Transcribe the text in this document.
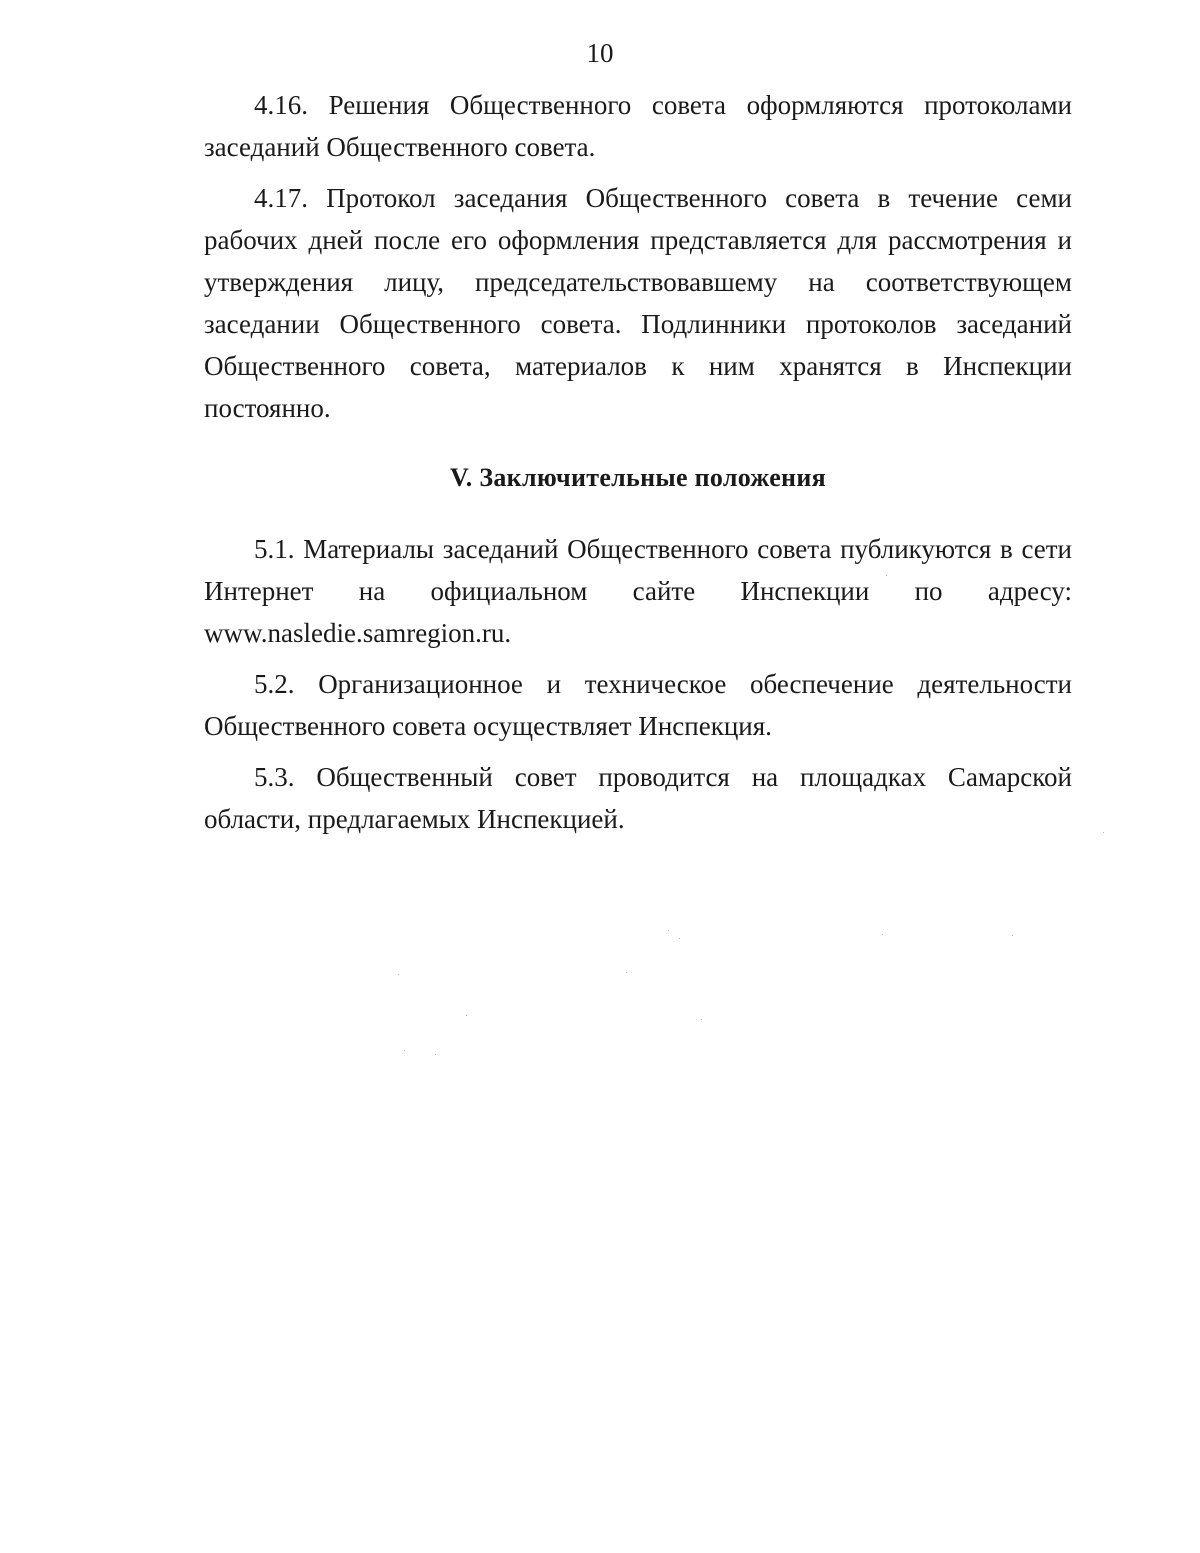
10

4.16. Решения Общественного совета оформляются протоколами заседаний Общественного совета.

4.17. Протокол заседания Общественного совета в течение семи рабочих дней после его оформления представляется для рассмотрения и утверждения лицу, председательствовавшему на соответствующем заседании Общественного совета. Подлинники протоколов заседаний Общественного совета, материалов к ним хранятся в Инспекции постоянно.

V. Заключительные положения

5.1. Материалы заседаний Общественного совета публикуются в сети Интернет на официальном сайте Инспекции по адресу: www.nasledie.samregion.ru.

5.2. Организационное и техническое обеспечение деятельности Общественного совета осуществляет Инспекция.

5.3. Общественный совет проводится на площадках Самарской области, предлагаемых Инспекцией.
